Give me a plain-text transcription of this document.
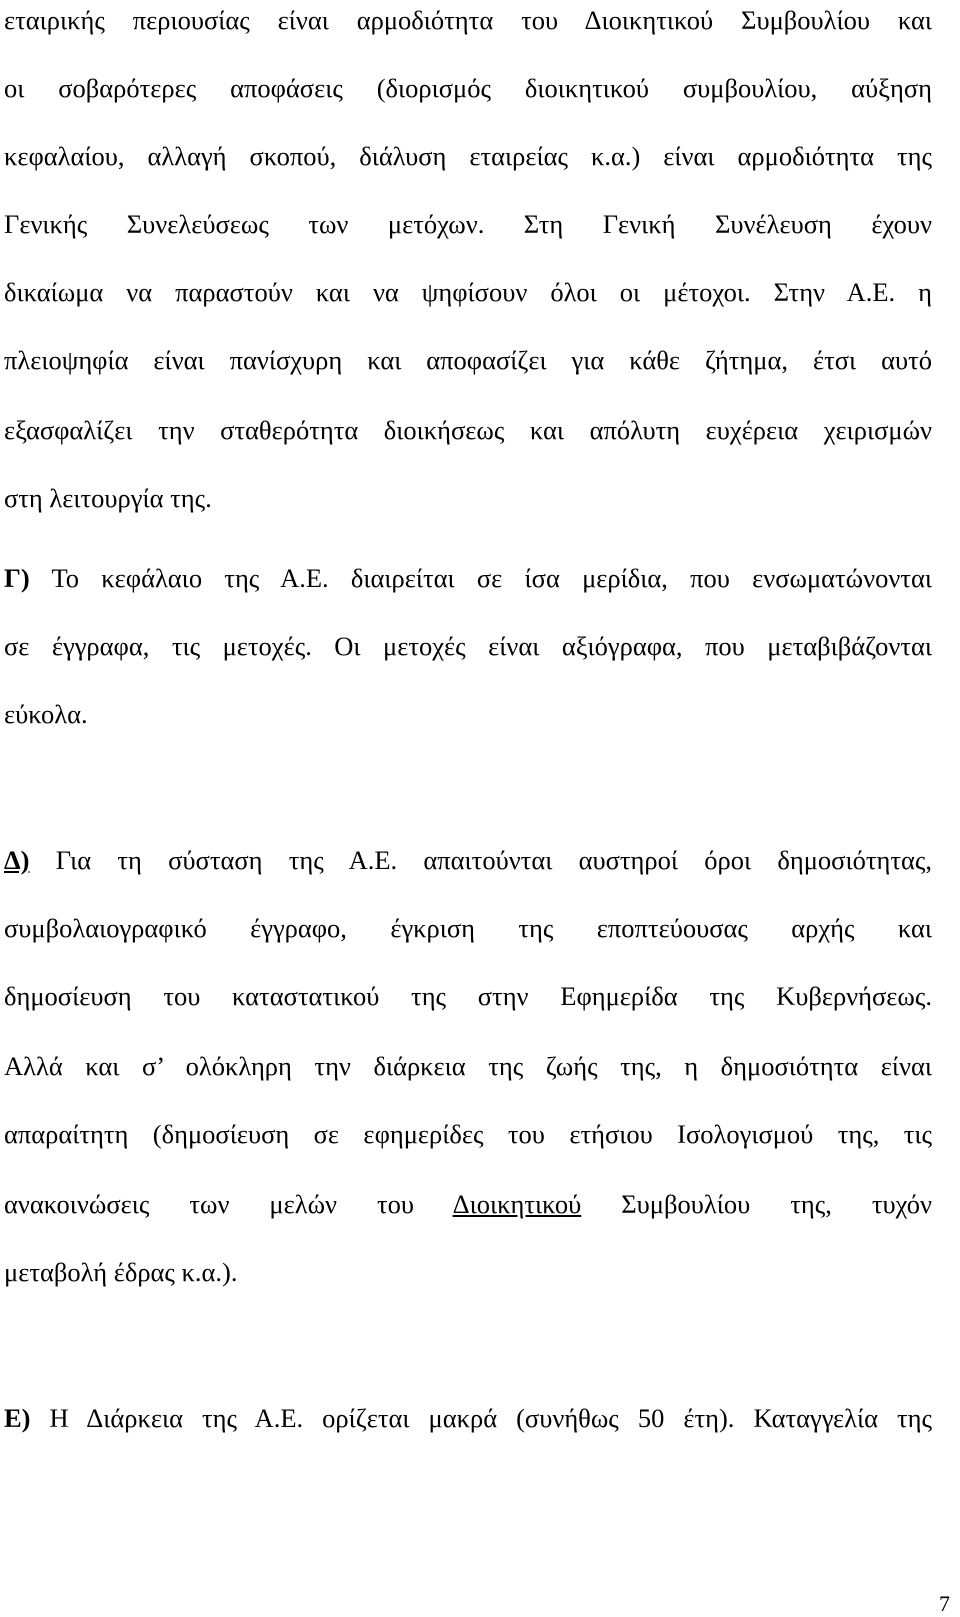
εταιρικής περιουσίας είναι αρμοδιότητα του Διοικητικού Συμβουλίου και
οι σοβαρότερες αποφάσεις (διορισμός διοικητικού συμβουλίου, αύξηση
κεφαλαίου, αλλαγή σκοπού, διάλυση εταιρείας κ.α.) είναι αρμοδιότητα της
Γενικής Συνελεύσεως των μετόχων. Στη Γενική Συνέλευση έχουν
δικαίωμα να παραστούν και να ψηφίσουν όλοι οι μέτοχοι. Στην Α.Ε. η
πλειοψηφία είναι πανίσχυρη και αποφασίζει για κάθε ζήτημα, έτσι αυτό
εξασφαλίζει την σταθερότητα διοικήσεως και απόλυτη ευχέρεια χειρισμών
στη λειτουργία της.
Γ) Το κεφάλαιο της Α.Ε. διαιρείται σε ίσα μερίδια, που ενσωματώνονται
σε έγγραφα, τις μετοχές. Οι μετοχές είναι αξιόγραφα, που μεταβιβάζονται
εύκολα.
Δ) Για τη σύσταση της Α.Ε. απαιτούνται αυστηροί όροι δημοσιότητας,
συμβολαιογραφικό έγγραφο, έγκριση της εποπτεύουσας αρχής και
δημοσίευση του καταστατικού της στην Εφημερίδα της Κυβερνήσεως.
Αλλά και σ’ ολόκληρη την διάρκεια της ζωής της, η δημοσιότητα είναι
απαραίτητη (δημοσίευση σε εφημερίδες του ετήσιου Ισολογισμού της, τις
ανακοινώσεις των μελών του Διοικητικού Συμβουλίου της, τυχόν
μεταβολή έδρας κ.α.).
Ε) Η Διάρκεια της Α.Ε. ορίζεται μακρά (συνήθως 50 έτη). Καταγγελία της
7
